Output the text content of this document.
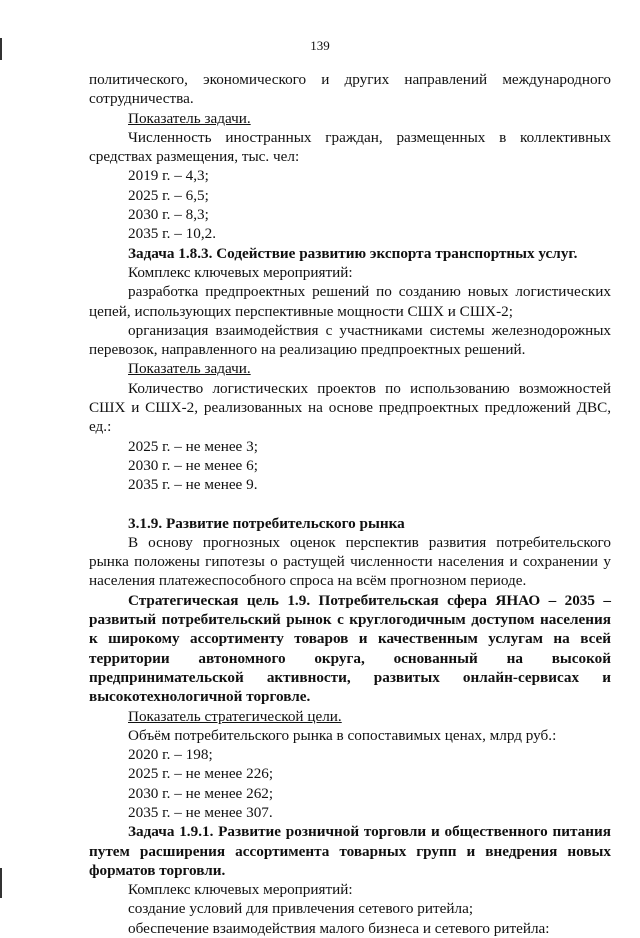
139

политического, экономического и других направлений международного сотрудничества.

Показатель задачи.

Численность иностранных граждан, размещенных в коллективных средствах размещения, тыс. чел:

2019 г. – 4,3;

2025 г. – 6,5;

2030 г. – 8,3;

2035 г. – 10,2.

Задача 1.8.3. Содействие развитию экспорта транспортных услуг.

Комплекс ключевых мероприятий:

разработка предпроектных решений по созданию новых логистических цепей, использующих перспективные мощности СШХ и СШХ-2;

организация взаимодействия с участниками системы железнодорожных перевозок, направленного на реализацию предпроектных решений.

Показатель задачи.

Количество логистических проектов по использованию возможностей СШХ и СШХ-2, реализованных на основе предпроектных предложений ДВС, ед.:

2025 г. – не менее 3;

2030 г. – не менее 6;

2035 г. – не менее 9.

3.1.9. Развитие потребительского рынка

В основу прогнозных оценок перспектив развития потребительского рынка положены гипотезы о растущей численности населения и сохранении у населения платежеспособного спроса на всём прогнозном периоде.

Стратегическая цель 1.9. Потребительская сфера ЯНАО – 2035 – развитый потребительский рынок с круглогодичным доступом населения к широкому ассортименту товаров и качественным услугам на всей территории автономного округа, основанный на высокой предпринимательской активности, развитых онлайн-сервисах и высокотехнологичной торговле.

Показатель стратегической цели.

Объём потребительского рынка в сопоставимых ценах, млрд руб.:

2020 г. – 198;

2025 г. – не менее 226;

2030 г. – не менее 262;

2035 г. – не менее 307.

Задача 1.9.1. Развитие розничной торговли и общественного питания путем расширения ассортимента товарных групп и внедрения новых форматов торговли.

Комплекс ключевых мероприятий:

создание условий для привлечения сетевого ритейла;

обеспечение взаимодействия малого бизнеса и сетевого ритейла:
